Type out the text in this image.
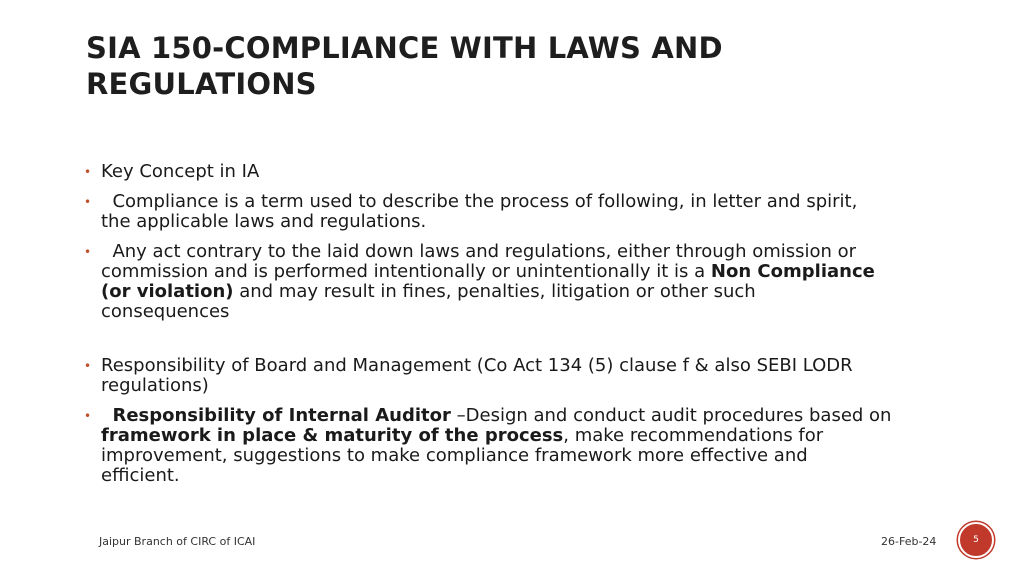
SIA 150-COMPLIANCE WITH LAWS AND
REGULATIONS
• Key Concept in IA
• Compliance is a term used to describe the process of following, in letter and spirit,
the applicable laws and regulations.
• Any act contrary to the laid down laws and regulations, either through omission or
commission and is performed intentionally or unintentionally it is a Non Compliance
(or violation) and may result in fines, penalties, litigation or other such
consequences
• Responsibility of Board and Management (Co Act 134 (5) clause f & also SEBI LODR
regulations)
•	Responsibility of Internal Auditor –Design and conduct audit procedures based on
framework in place & maturity of the process, make recommendations for
improvement, suggestions to make compliance framework more effective and
efficient.
Jaipur Branch of CIRC of ICAI	26-Feb-24	5
